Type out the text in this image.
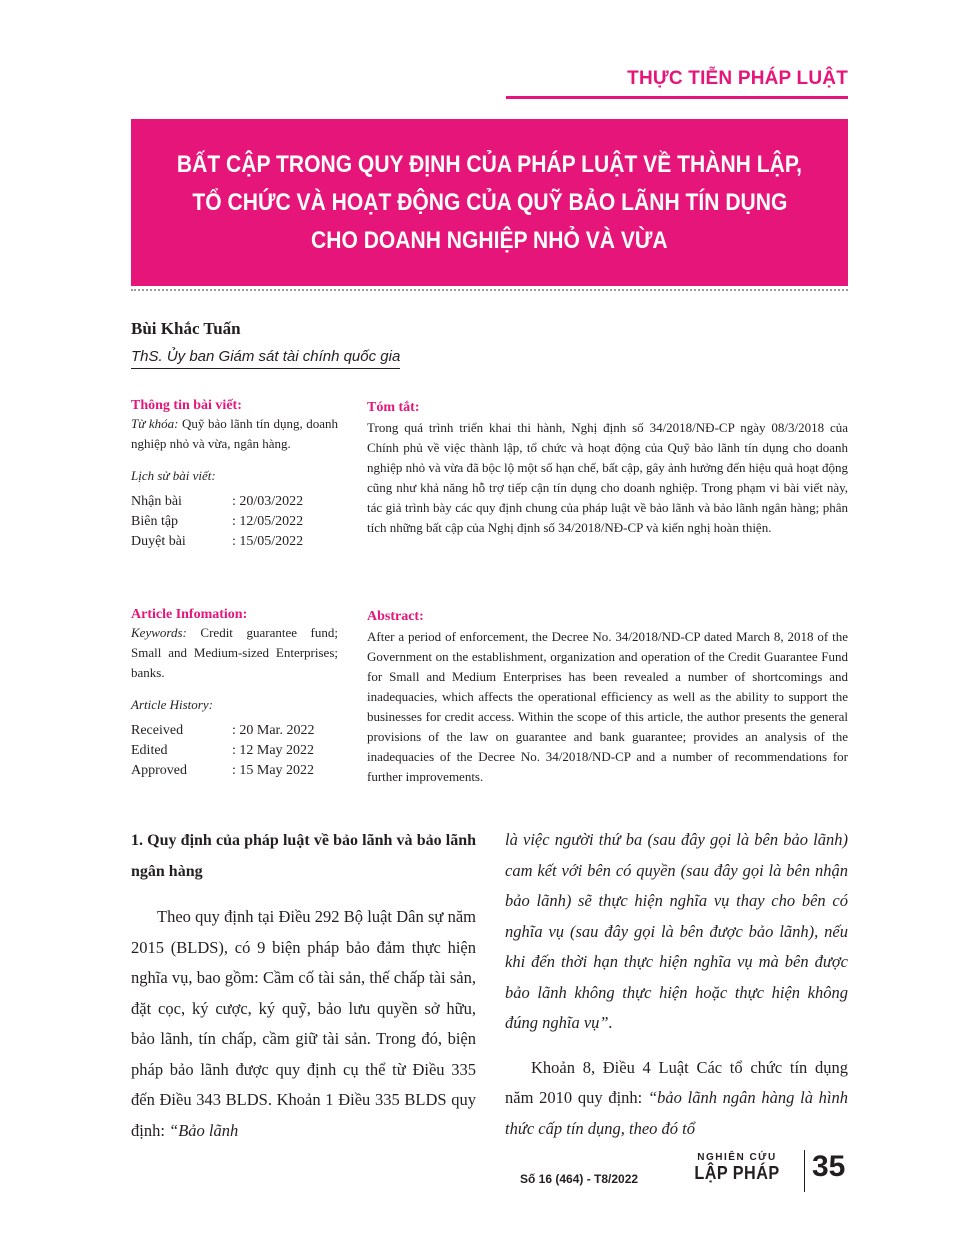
THỰC TIỄN PHÁP LUẬT
BẤT CẬP TRONG QUY ĐỊNH CỦA PHÁP LUẬT VỀ THÀNH LẬP,
TỔ CHỨC VÀ HOẠT ĐỘNG CỦA QUỸ BẢO LÃNH TÍN DỤNG
CHO DOANH NGHIỆP NHỎ VÀ VỪA
Bùi Khắc Tuấn
ThS. Ủy ban Giám sát tài chính quốc gia
Thông tin bài viết:
Từ khóa: Quỹ bảo lãnh tín dụng, doanh nghiệp nhỏ và vừa, ngân hàng.
Lịch sử bài viết:
Nhận bài	: 20/03/2022
Biên tập	: 12/05/2022
Duyệt bài	: 15/05/2022
Tóm tắt:
Trong quá trình triển khai thi hành, Nghị định số 34/2018/NĐ-CP ngày 08/3/2018 của Chính phủ về việc thành lập, tổ chức và hoạt động của Quỹ bảo lãnh tín dụng cho doanh nghiệp nhỏ và vừa đã bộc lộ một số hạn chế, bất cập, gây ảnh hưởng đến hiệu quả hoạt động cũng như khả năng hỗ trợ tiếp cận tín dụng cho doanh nghiệp. Trong phạm vi bài viết này, tác giả trình bày các quy định chung của pháp luật về bảo lãnh và bảo lãnh ngân hàng; phân tích những bất cập của Nghị định số 34/2018/NĐ-CP và kiến nghị hoàn thiện.
Article Infomation:
Keywords: Credit guarantee fund; Small and Medium-sized Enterprises; banks.
Article History:
Received	: 20 Mar. 2022
Edited	: 12 May 2022
Approved	: 15 May 2022
Abstract:
After a period of enforcement, the Decree No. 34/2018/ND-CP dated March 8, 2018 of the Government on the establishment, organization and operation of the Credit Guarantee Fund for Small and Medium Enterprises has been revealed a number of shortcomings and inadequacies, which affects the operational efficiency as well as the ability to support the businesses for credit access. Within the scope of this article, the author presents the general provisions of the law on guarantee and bank guarantee; provides an analysis of the inadequacies of the Decree No. 34/2018/ND-CP and a number of recommendations for further improvements.

1. Quy định của pháp luật về bảo lãnh và bảo lãnh ngân hàng

Theo quy định tại Điều 292 Bộ luật Dân sự năm 2015 (BLDS), có 9 biện pháp bảo đảm thực hiện nghĩa vụ, bao gồm: Cầm cố tài sản, thế chấp tài sản, đặt cọc, ký cược, ký quỹ, bảo lưu quyền sở hữu, bảo lãnh, tín chấp, cầm giữ tài sản. Trong đó, biện pháp bảo lãnh được quy định cụ thể từ Điều 335 đến Điều 343 BLDS. Khoản 1 Điều 335 BLDS quy định: “Bảo lãnh

là việc người thứ ba (sau đây gọi là bên bảo lãnh) cam kết với bên có quyền (sau đây gọi là bên nhận bảo lãnh) sẽ thực hiện nghĩa vụ thay cho bên có nghĩa vụ (sau đây gọi là bên được bảo lãnh), nếu khi đến thời hạn thực hiện nghĩa vụ mà bên được bảo lãnh không thực hiện hoặc thực hiện không đúng nghĩa vụ”.

Khoản 8, Điều 4 Luật Các tổ chức tín dụng năm 2010 quy định: “bảo lãnh ngân hàng là hình thức cấp tín dụng, theo đó tổ

Số 16 (464) - T8/2022
NGHIÊN CỨU
LẬP PHÁP	35
